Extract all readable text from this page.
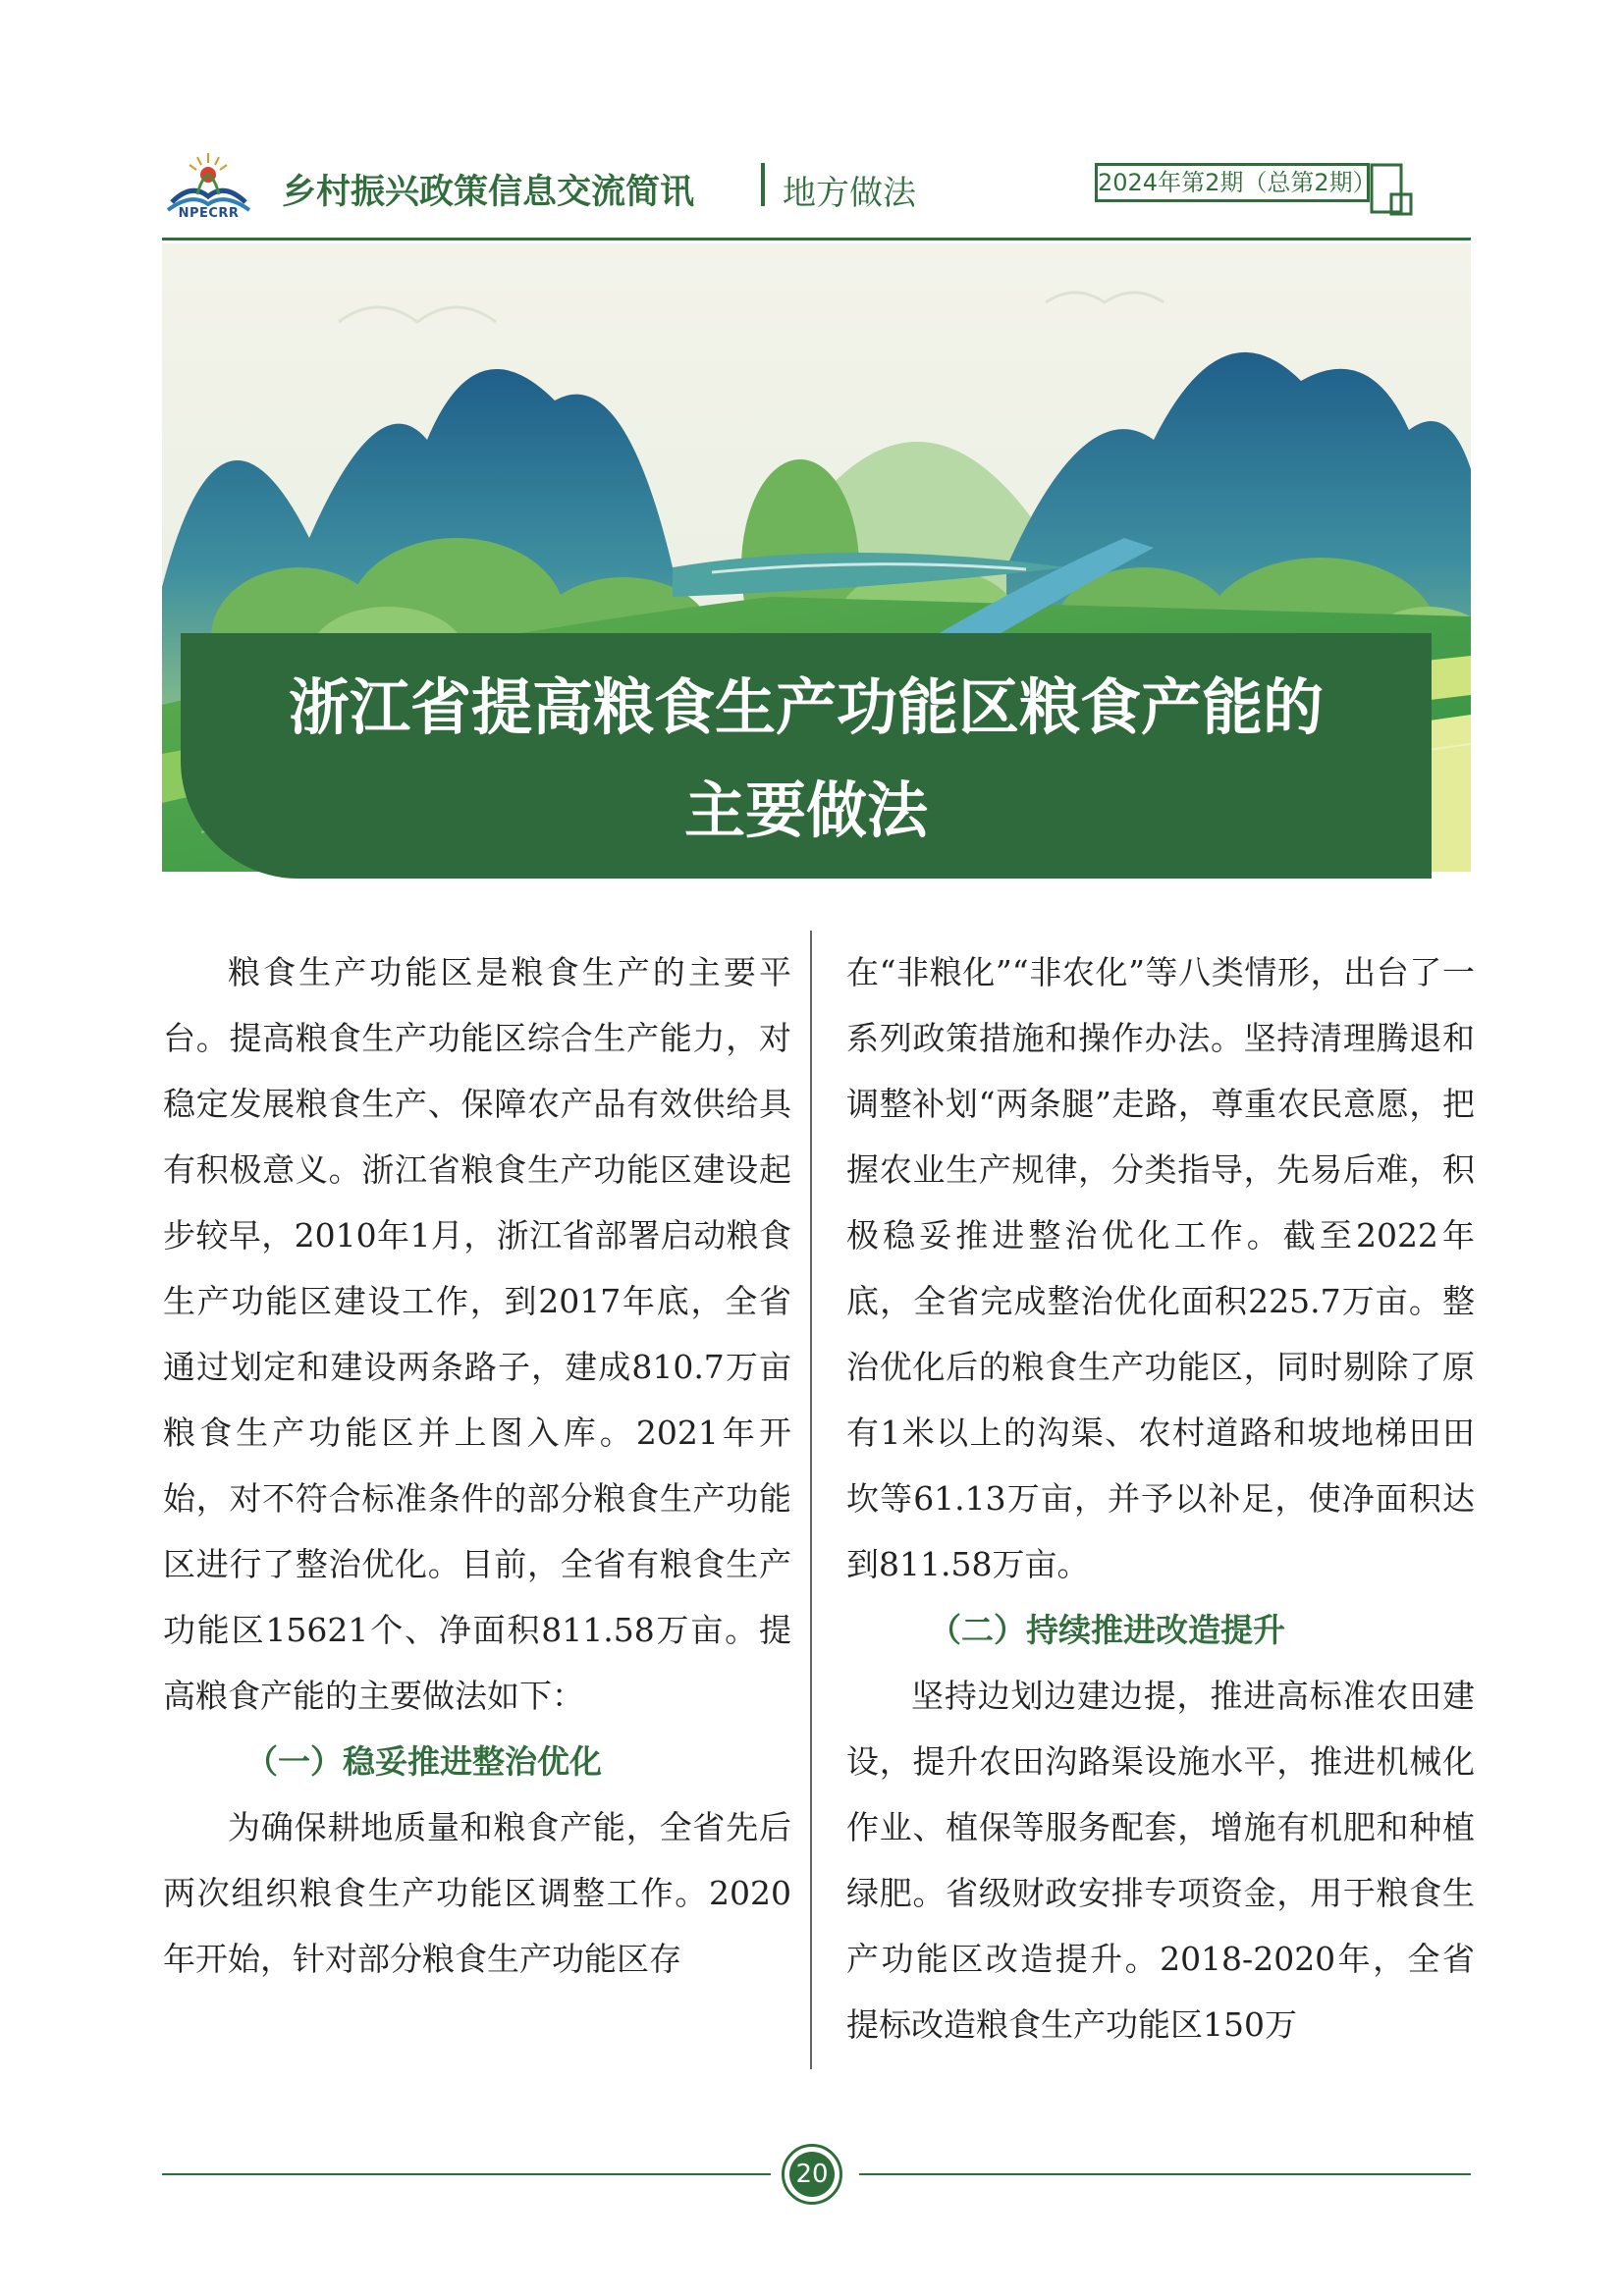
NPECRR
乡村振兴政策信息交流简讯	地方做法	2024年第2期（总第2期）
浙江省提高粮食生产功能区粮食产能的
主要做法

粮食生产功能区是粮食生产的主要平台。提高粮食生产功能区综合生产能力，对稳定发展粮食生产、保障农产品有效供给具有积极意义。浙江省粮食生产功能区建设起步较早，2010年1月，浙江省部署启动粮食生产功能区建设工作，到2017年底，全省通过划定和建设两条路子，建成810.7万亩粮食生产功能区并上图入库。2021年开始，对不符合标准条件的部分粮食生产功能区进行了整治优化。目前，全省有粮食生产功能区15621个、净面积811.58万亩。提高粮食产能的主要做法如下：

（一）稳妥推进整治优化

为确保耕地质量和粮食产能，全省先后两次组织粮食生产功能区调整工作。2020年开始，针对部分粮食生产功能区存

在“非粮化”“非农化”等八类情形，出台了一系列政策措施和操作办法。坚持清理腾退和调整补划“两条腿”走路，尊重农民意愿，把握农业生产规律，分类指导，先易后难，积极稳妥推进整治优化工作。截至2022年底，全省完成整治优化面积225.7万亩。整治优化后的粮食生产功能区，同时剔除了原有1米以上的沟渠、农村道路和坡地梯田田坎等61.13万亩，并予以补足，使净面积达到811.58万亩。

（二）持续推进改造提升

坚持边划边建边提，推进高标准农田建设，提升农田沟路渠设施水平，推进机械化作业、植保等服务配套，增施有机肥和种植绿肥。省级财政安排专项资金，用于粮食生产功能区改造提升。2018-2020年，全省提标改造粮食生产功能区150万

20
